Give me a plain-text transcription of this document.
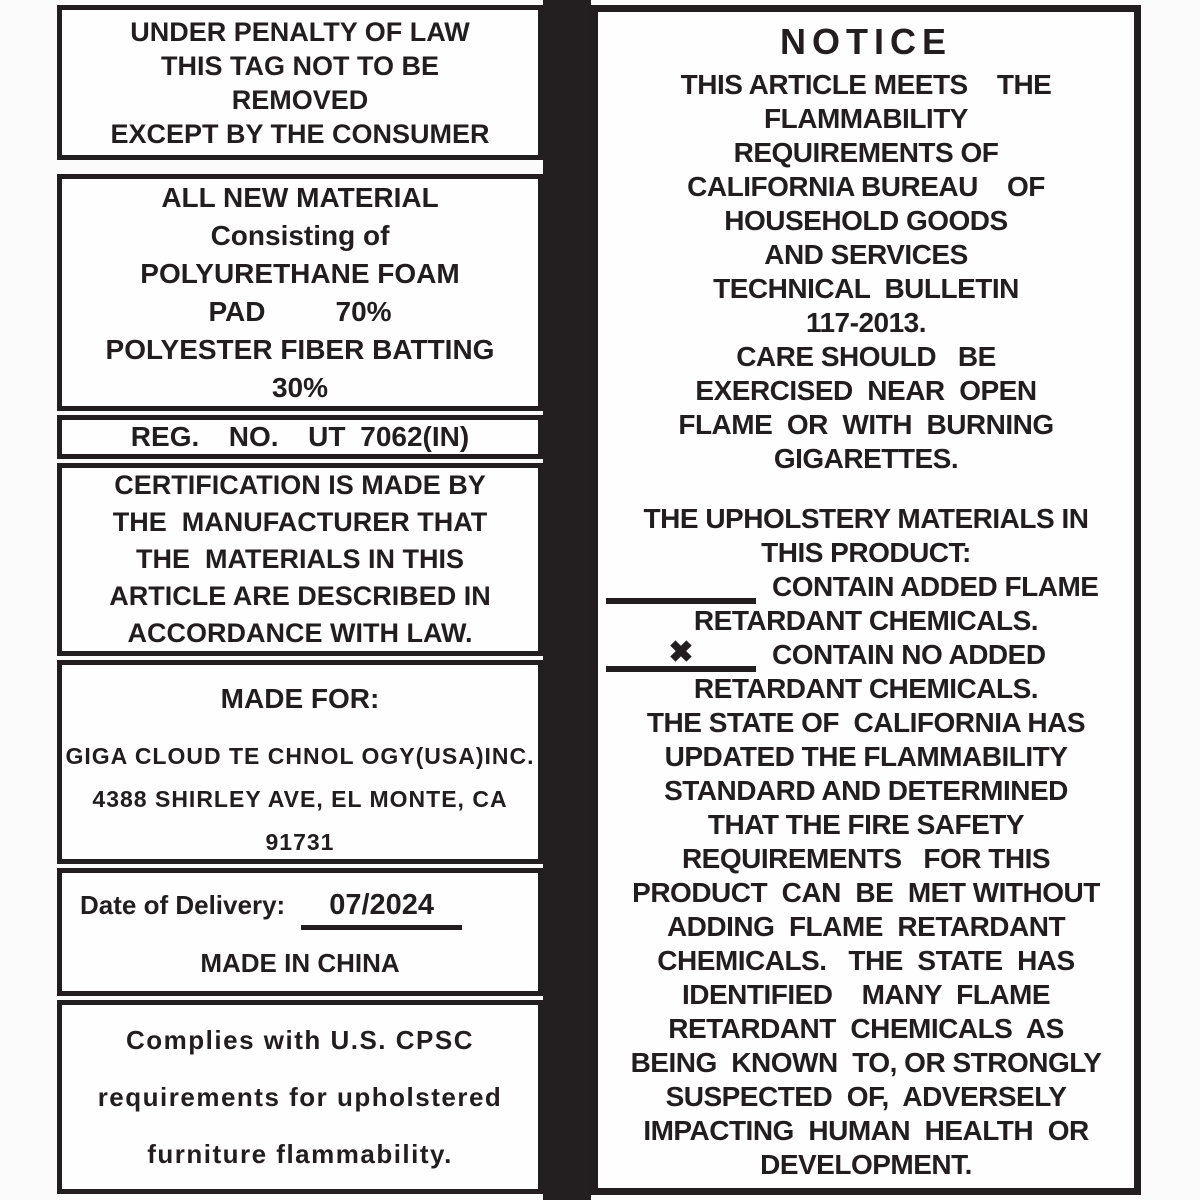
UNDER PENALTY OF LAW
THIS TAG NOT TO BE
REMOVED
EXCEPT BY THE CONSUMER
ALL NEW MATERIAL
Consisting of
POLYURETHANE FOAM
PAD         70%
POLYESTER FIBER BATTING
30%
REG.  NO.  UT 7062(IN)
CERTIFICATION IS MADE BY
THE  MANUFACTURER THAT
THE  MATERIALS IN THIS
ARTICLE ARE DESCRIBED IN
ACCORDANCE WITH LAW.
MADE FOR:
GIGA CLOUD TE CHNOL OGY(USA)INC.
4388 SHIRLEY AVE, EL MONTE, CA
91731
Date of Delivery:	07/2024
MADE IN CHINA
Complies with U.S. CPSC
requirements for upholstered
furniture flammability.
NOTICE
THIS ARTICLE MEETS    THE
FLAMMABILITY
REQUIREMENTS OF
CALIFORNIA BUREAU    OF
HOUSEHOLD GOODS
AND SERVICES
TECHNICAL  BULLETIN
117-2013.
CARE SHOULD   BE
EXERCISED  NEAR  OPEN
FLAME  OR  WITH  BURNING
GIGARETTES.
THE UPHOLSTERY MATERIALS IN
THIS PRODUCT:
CONTAIN ADDED FLAME
RETARDANT CHEMICALS.
✖	CONTAIN NO ADDED
RETARDANT CHEMICALS.
THE STATE OF  CALIFORNIA HAS
UPDATED THE FLAMMABILITY
STANDARD AND DETERMINED
THAT THE FIRE SAFETY
REQUIREMENTS   FOR THIS
PRODUCT  CAN  BE  MET WITHOUT
ADDING  FLAME  RETARDANT
CHEMICALS.   THE  STATE  HAS
IDENTIFIED    MANY  FLAME
RETARDANT  CHEMICALS  AS
BEING  KNOWN  TO, OR STRONGLY
SUSPECTED  OF,  ADVERSELY
IMPACTING  HUMAN  HEALTH  OR
DEVELOPMENT.
